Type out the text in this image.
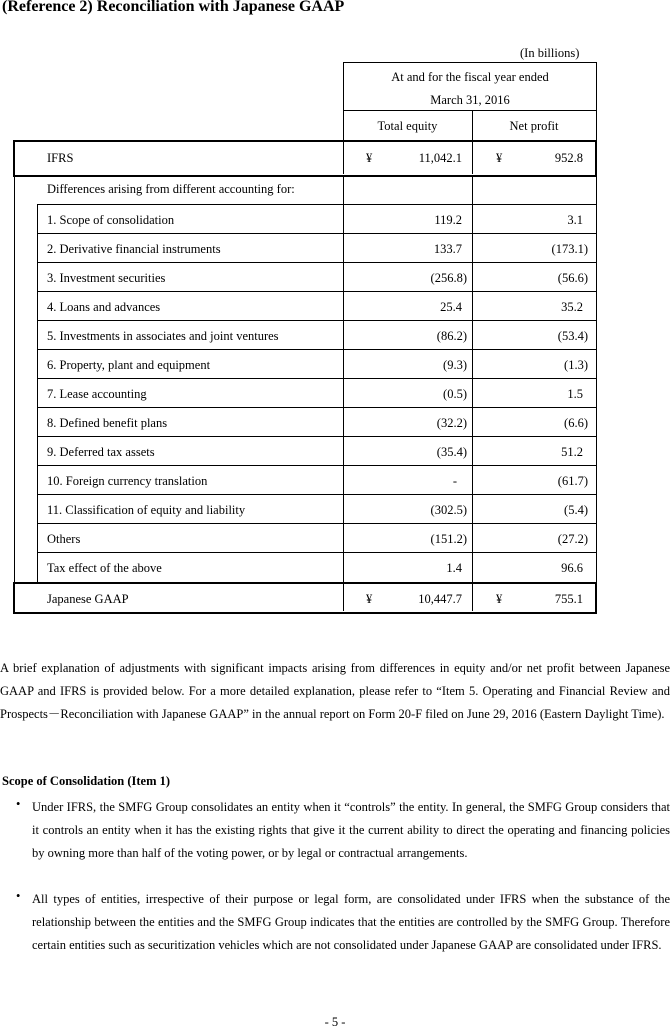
(Reference 2) Reconciliation with Japanese GAAP
(In billions)
At and for the fiscal year ended
March 31, 2016
Total equity	Net profit
IFRS	¥	11,042.1	¥	952.8
Differences arising from different accounting for:
1. Scope of consolidation	119.2	3.1
2. Derivative financial instruments	133.7	(173.1)
3. Investment securities	(256.8)	(56.6)
4. Loans and advances	25.4	35.2
5. Investments in associates and joint ventures	(86.2)	(53.4)
6. Property, plant and equipment	(9.3)	(1.3)
7. Lease accounting	(0.5)	1.5
8. Defined benefit plans	(32.2)	(6.6)
9. Deferred tax assets	(35.4)	51.2
10. Foreign currency translation	-	(61.7)
11. Classification of equity and liability	(302.5)	(5.4)
Others	(151.2)	(27.2)
Tax effect of the above	1.4	96.6
Japanese GAAP	¥	10,447.7	¥	755.1
A brief explanation of adjustments with significant impacts arising from differences in equity and/or net profit between Japanese GAAP and IFRS is provided below. For a more detailed explanation, please refer to “Item 5. Operating and Financial Review and Prospects－Reconciliation with Japanese GAAP” in the annual report on Form 20-F filed on June 29, 2016 (Eastern Daylight Time).
Scope of Consolidation (Item 1)
• Under IFRS, the SMFG Group consolidates an entity when it “controls” the entity. In general, the SMFG Group considers that it controls an entity when it has the existing rights that give it the current ability to direct the operating and financing policies by owning more than half of the voting power, or by legal or contractual arrangements.
• All types of entities, irrespective of their purpose or legal form, are consolidated under IFRS when the substance of the relationship between the entities and the SMFG Group indicates that the entities are controlled by the SMFG Group. Therefore certain entities such as securitization vehicles which are not consolidated under Japanese GAAP are consolidated under IFRS.
- 5 -
